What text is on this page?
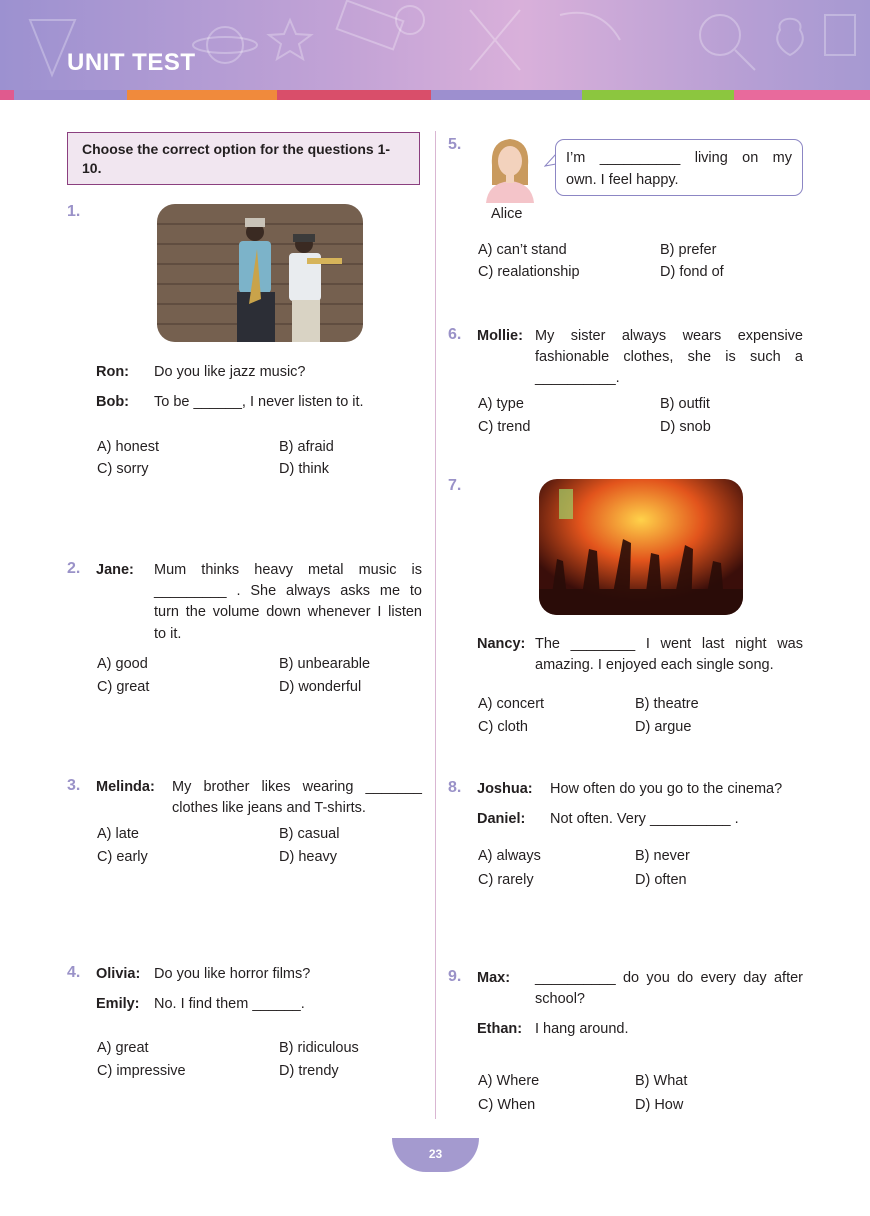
UNIT TEST
Choose the correct option for the questions 1-10.
1.
Ron: Do you like jazz music?
Bob: To be ______, I never listen to it.
A) honest	B) afraid
C) sorry	D) think
2. Jane: Mum thinks heavy metal music is
_________ . She always asks me to
turn the volume down whenever I listen
to it.
A) good	B) unbearable
C) great	D) wonderful
3. Melinda: My brother likes wearing _______
clothes like jeans and T-shirts.
A) late	B) casual
C) early	D) heavy
4. Olivia: Do you like horror films?
Emily: No. I find them ______.
A) great	B) ridiculous
C) impressive	D) trendy
5.
I’m __________ living on my
own. I feel happy.
Alice
A) can’t stand	B) prefer
C) realationship	D) fond of
6. Mollie: My sister always wears expensive
fashionable clothes, she is such a
__________.
A) type	B) outfit
C) trend	D) snob
7.
Nancy: The ________ I went last night was
amazing. I enjoyed each single song.
A) concert	B) theatre
C) cloth	D) argue
8. Joshua: How often do you go to the cinema?
Daniel: Not often. Very __________ .
A) always	B) never
C) rarely	D) often
9. Max: __________ do you do every day after
school?
Ethan: I hang around.
A) Where	B) What
C) When	D) How
23
